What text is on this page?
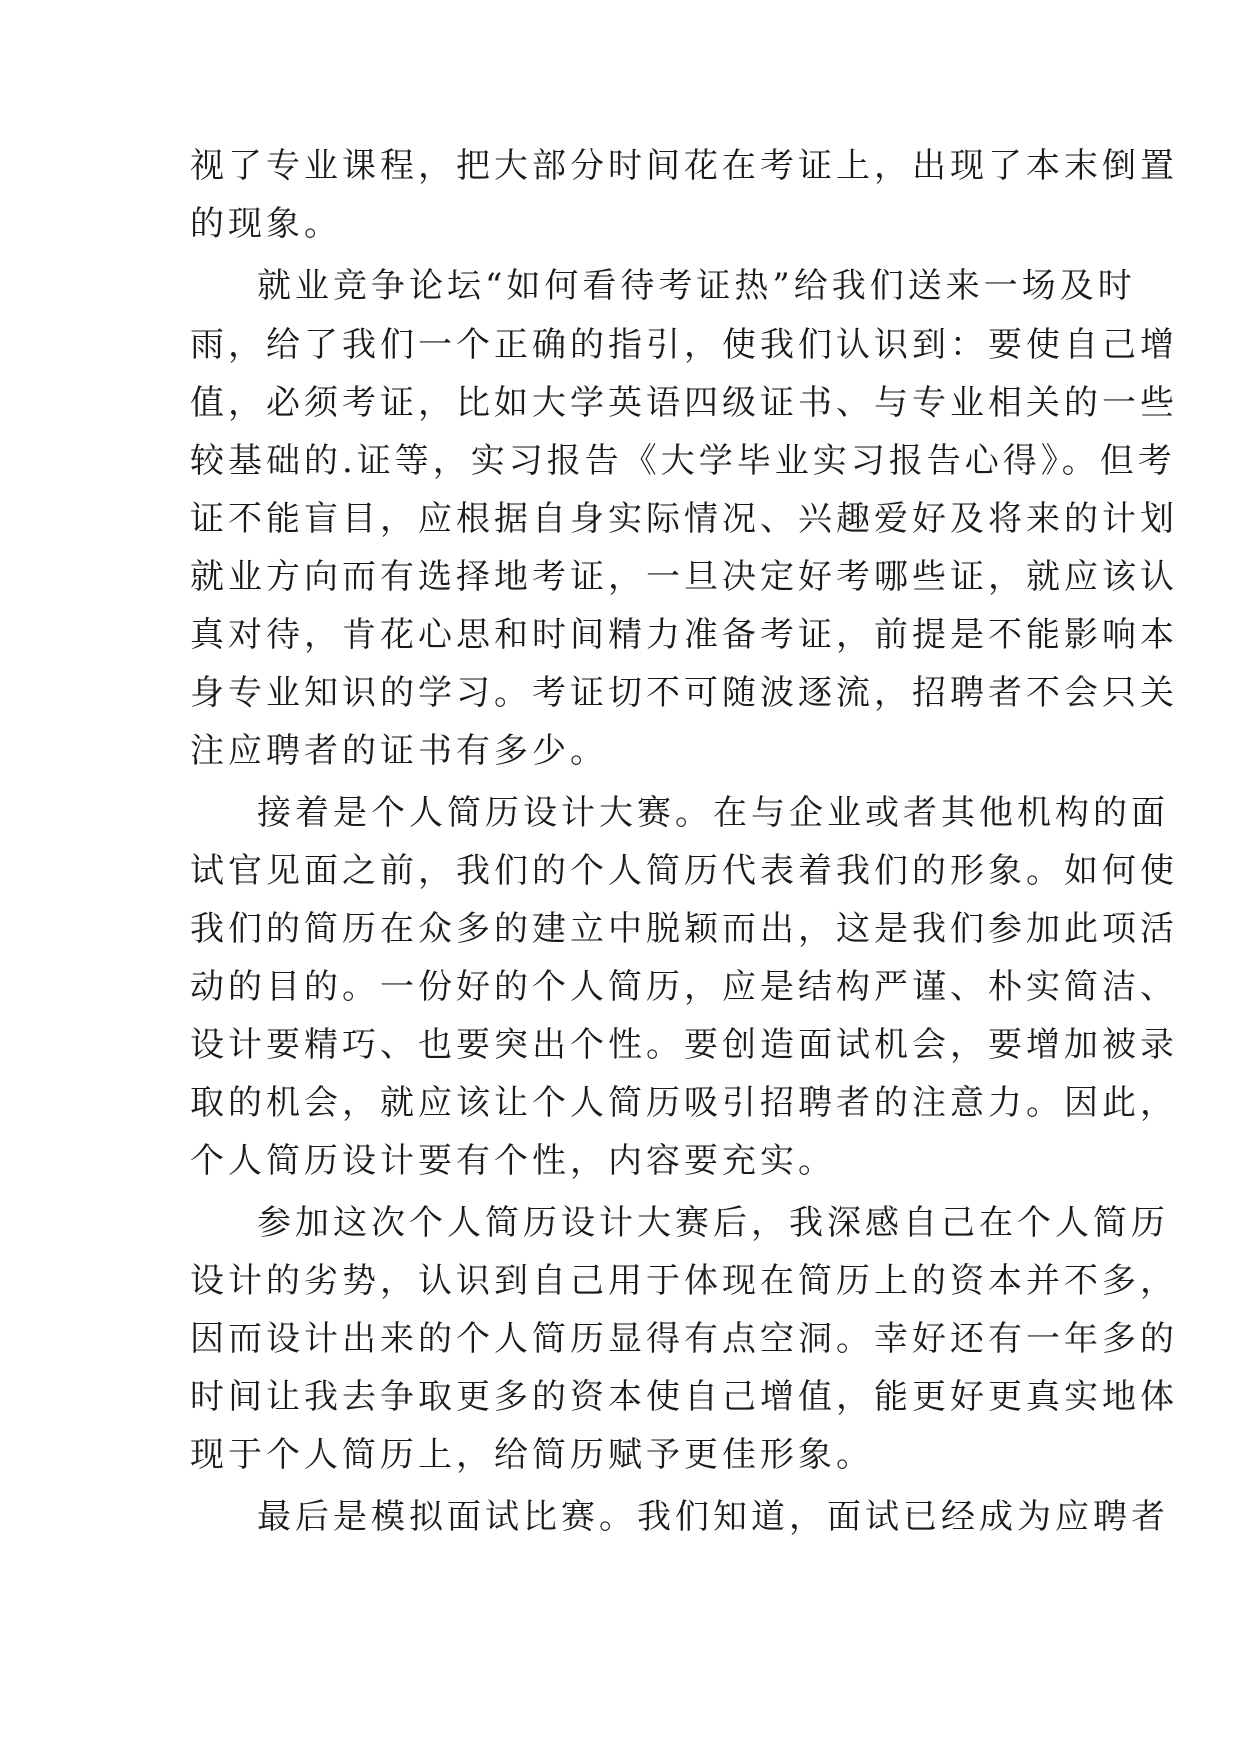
视了专业课程，把大部分时间花在考证上，出现了本末倒置
的现象。
就业竞争论坛“如何看待考证热”给我们送来一场及时
雨，给了我们一个正确的指引，使我们认识到：要使自己增
值，必须考证，比如大学英语四级证书、与专业相关的一些
较基础的.证等，实习报告《大学毕业实习报告心得》。但考
证不能盲目，应根据自身实际情况、兴趣爱好及将来的计划
就业方向而有选择地考证，一旦决定好考哪些证，就应该认
真对待，肯花心思和时间精力准备考证，前提是不能影响本
身专业知识的学习。考证切不可随波逐流，招聘者不会只关
注应聘者的证书有多少。
接着是个人简历设计大赛。在与企业或者其他机构的面
试官见面之前，我们的个人简历代表着我们的形象。如何使
我们的简历在众多的建立中脱颖而出，这是我们参加此项活
动的目的。一份好的个人简历，应是结构严谨、朴实简洁、
设计要精巧、也要突出个性。要创造面试机会，要增加被录
取的机会，就应该让个人简历吸引招聘者的注意力。因此，
个人简历设计要有个性，内容要充实。
参加这次个人简历设计大赛后，我深感自己在个人简历
设计的劣势，认识到自己用于体现在简历上的资本并不多，
因而设计出来的个人简历显得有点空洞。幸好还有一年多的
时间让我去争取更多的资本使自己增值，能更好更真实地体
现于个人简历上，给简历赋予更佳形象。
最后是模拟面试比赛。我们知道，面试已经成为应聘者
